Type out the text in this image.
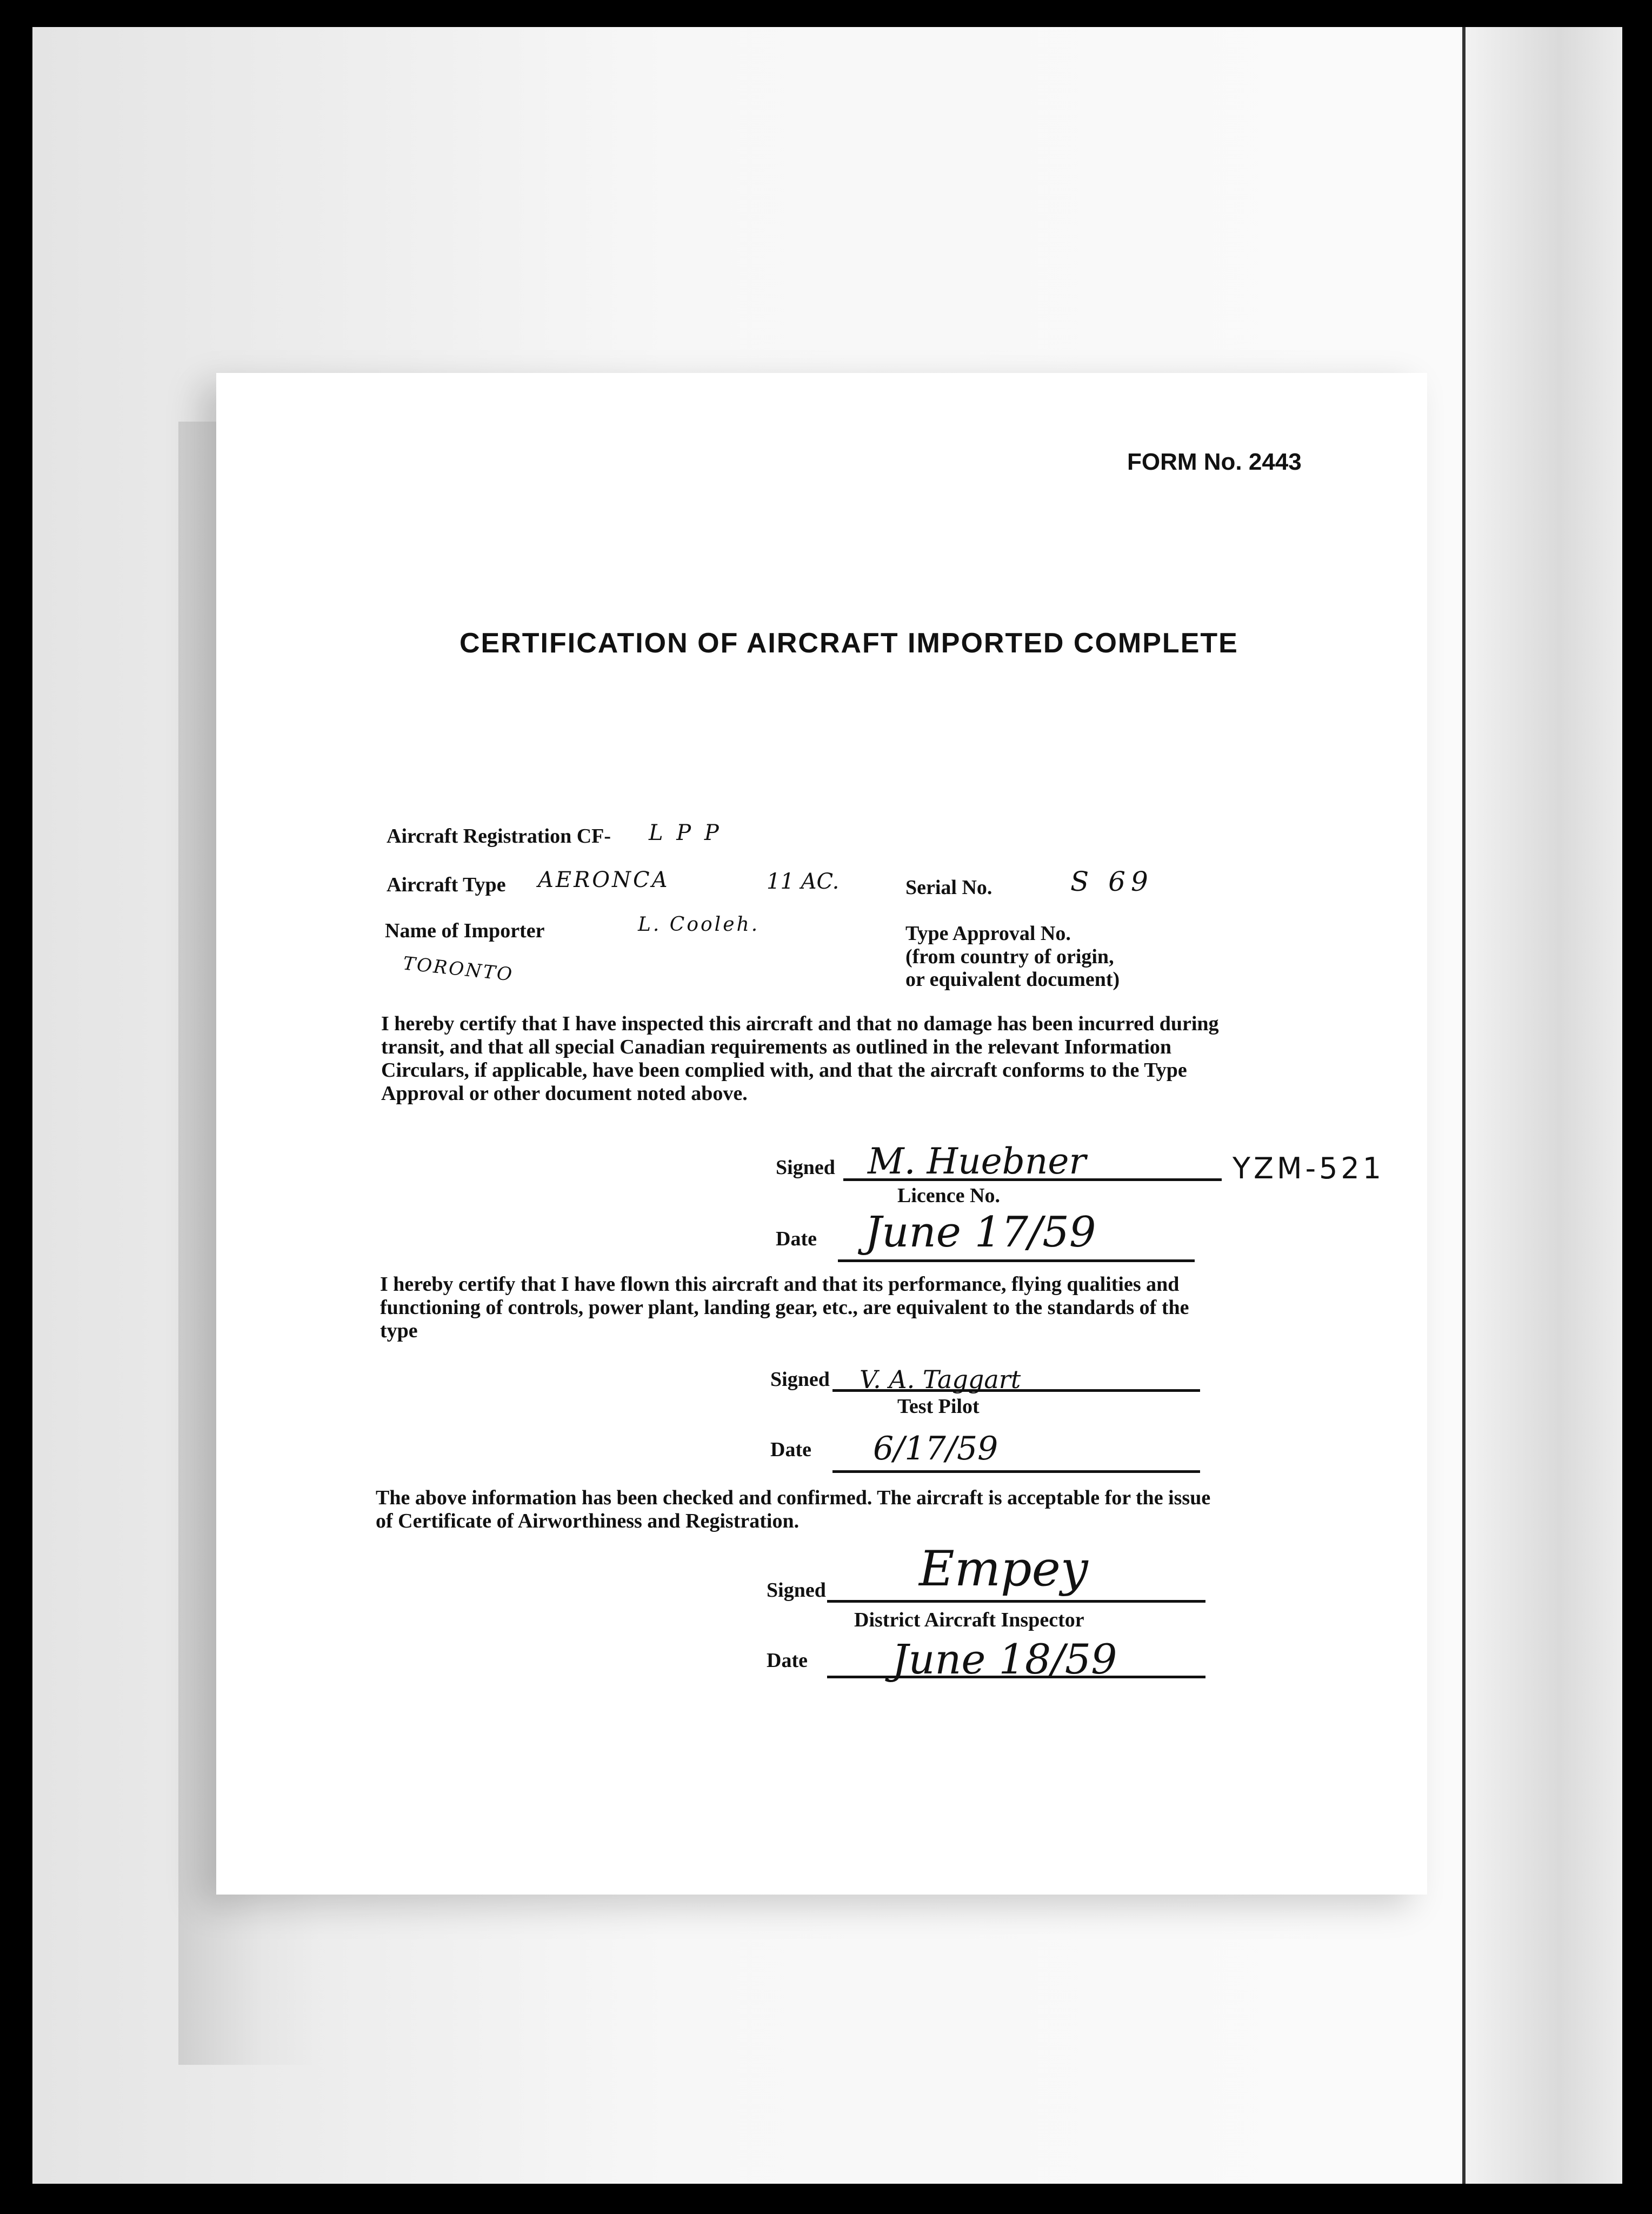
FORM No. 2443
CERTIFICATION OF AIRCRAFT IMPORTED COMPLETE
Aircraft Registration CF- L P P
Aircraft Type AERONCA	11 AC.	Serial No.	S 69
Name of Importer	L. Cooleh.
TORONTO
Type Approval No.
(from country of origin,
or equivalent document)
I hereby certify that I have inspected this aircraft and that no damage has been incurred during transit, and that all special Canadian requirements as outlined in the relevant Information Circulars, if applicable, have been complied with, and that the aircraft conforms to the Type Approval or other document noted above.
Signed M. Huebner	YZM-521
Licence No.
Date June 17/59
I hereby certify that I have flown this aircraft and that its performance, flying qualities and functioning of controls, power plant, landing gear, etc., are equivalent to the standards of the type
Signed V. A. Taggart
Test Pilot
Date 6/17/59
The above information has been checked and confirmed. The aircraft is acceptable for the issue of Certificate of Airworthiness and Registration.
Signed Empey
District Aircraft Inspector
Date June 18/59
